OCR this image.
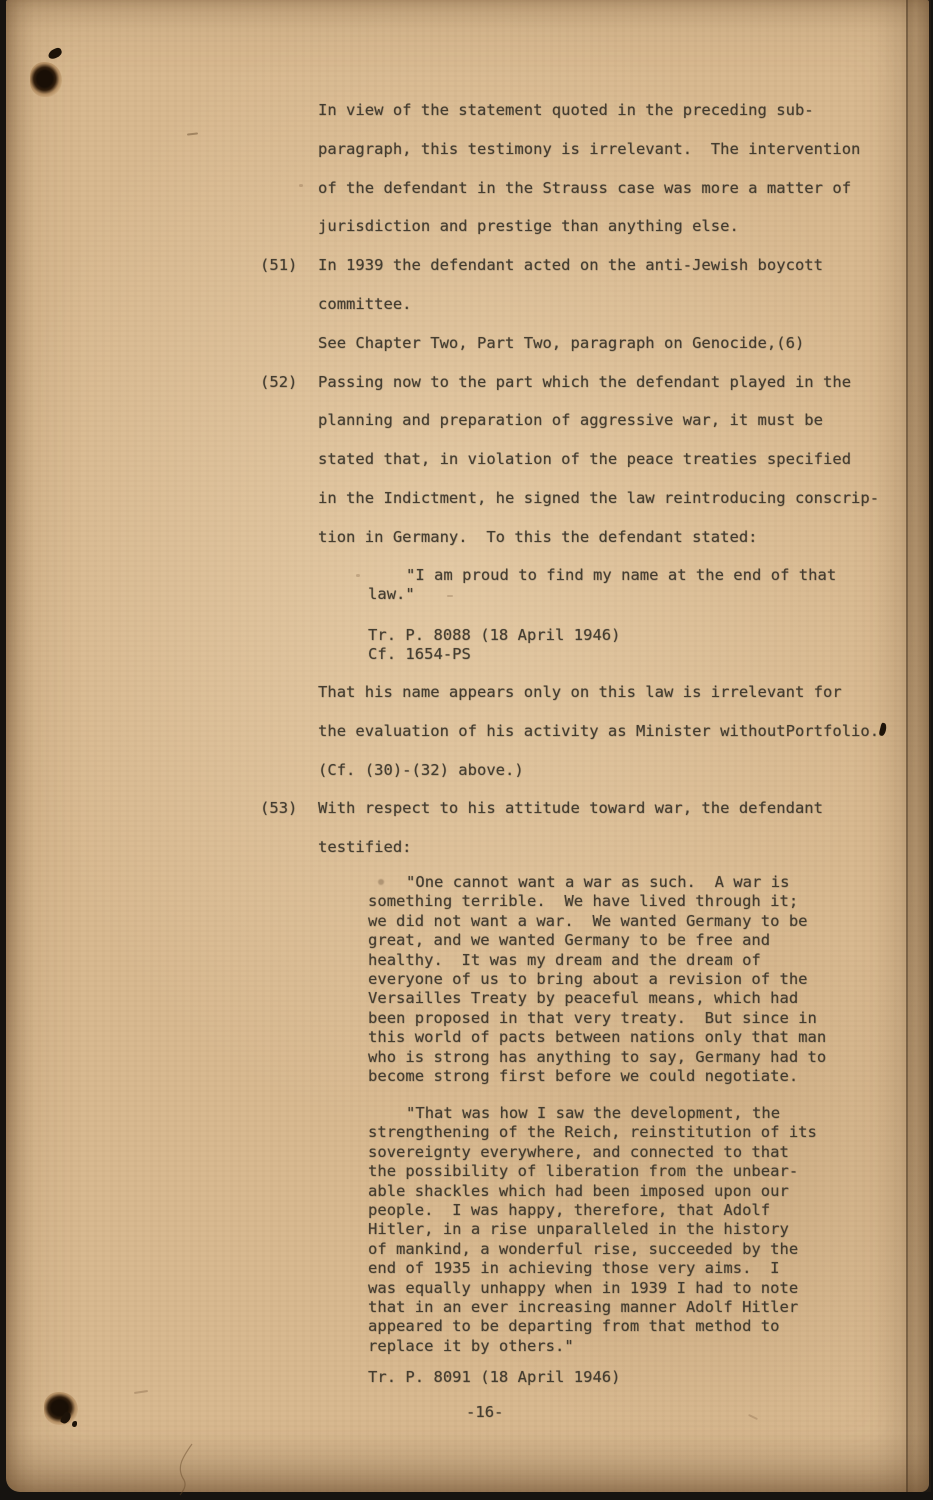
In view of the statement quoted in the preceding sub-
paragraph, this testimony is irrelevant.  The intervention
of the defendant in the Strauss case was more a matter of
jurisdiction and prestige than anything else.
(51) In 1939 the defendant acted on the anti-Jewish boycott
committee.
See Chapter Two, Part Two, paragraph on Genocide,(6)
(52) Passing now to the part which the defendant played in the
planning and preparation of aggressive war, it must be
stated that, in violation of the peace treaties specified
in the Indictment, he signed the law reintroducing conscrip-
tion in Germany.  To this the defendant stated:
"I am proud to find my name at the end of that
law."
Tr. P. 8088 (18 April 1946)
Cf. 1654-PS
That his name appears only on this law is irrelevant for
the evaluation of his activity as Minister withoutPortfolio.
(Cf. (30)-(32) above.)
(53) With respect to his attitude toward war, the defendant
testified:
"One cannot want a war as such.  A war is
something terrible.  We have lived through it;
we did not want a war.  We wanted Germany to be
great, and we wanted Germany to be free and
healthy.  It was my dream and the dream of
everyone of us to bring about a revision of the
Versailles Treaty by peaceful means, which had
been proposed in that very treaty.  But since in
this world of pacts between nations only that man
who is strong has anything to say, Germany had to
become strong first before we could negotiate.
"That was how I saw the development, the
strengthening of the Reich, reinstitution of its
sovereignty everywhere, and connected to that
the possibility of liberation from the unbear-
able shackles which had been imposed upon our
people.  I was happy, therefore, that Adolf
Hitler, in a rise unparalleled in the history
of mankind, a wonderful rise, succeeded by the
end of 1935 in achieving those very aims.  I
was equally unhappy when in 1939 I had to note
that in an ever increasing manner Adolf Hitler
appeared to be departing from that method to
replace it by others."
Tr. P. 8091 (18 April 1946)
-16-
